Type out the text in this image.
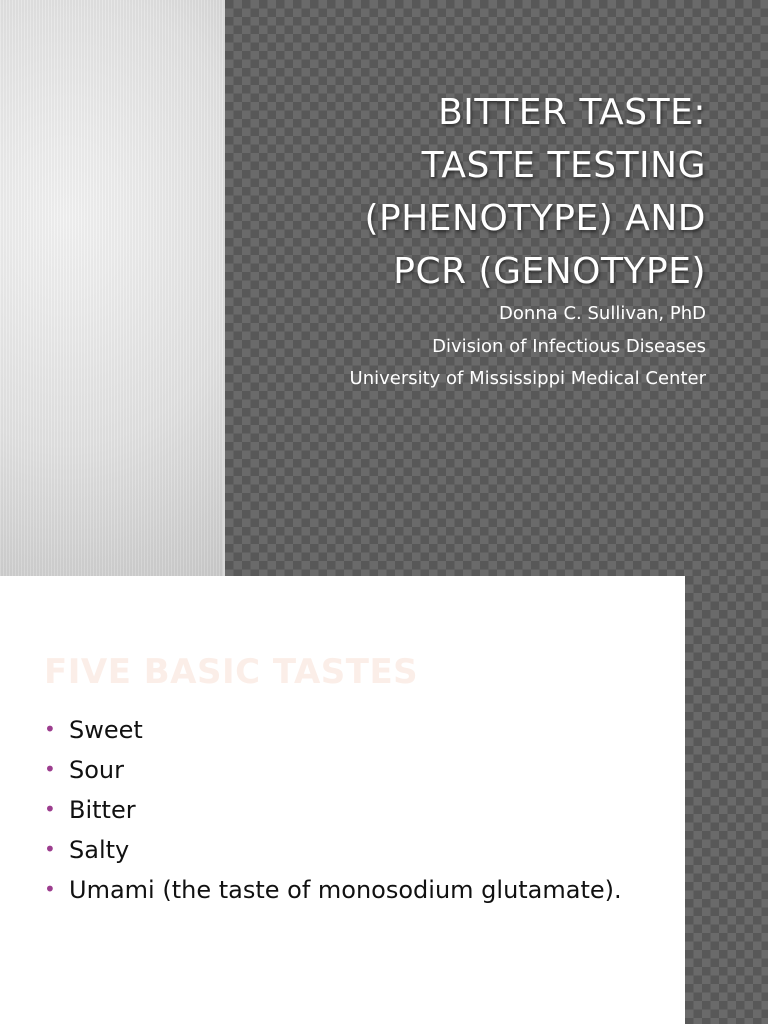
BITTER TASTE:
TASTE TESTING
(PHENOTYPE) AND
PCR (GENOTYPE)
Donna C. Sullivan, PhD
Division of Infectious Diseases
University of Mississippi Medical Center
FIVE BASIC TASTES
• Sweet
• Sour
• Bitter
• Salty
• Umami (the taste of monosodium glutamate).
